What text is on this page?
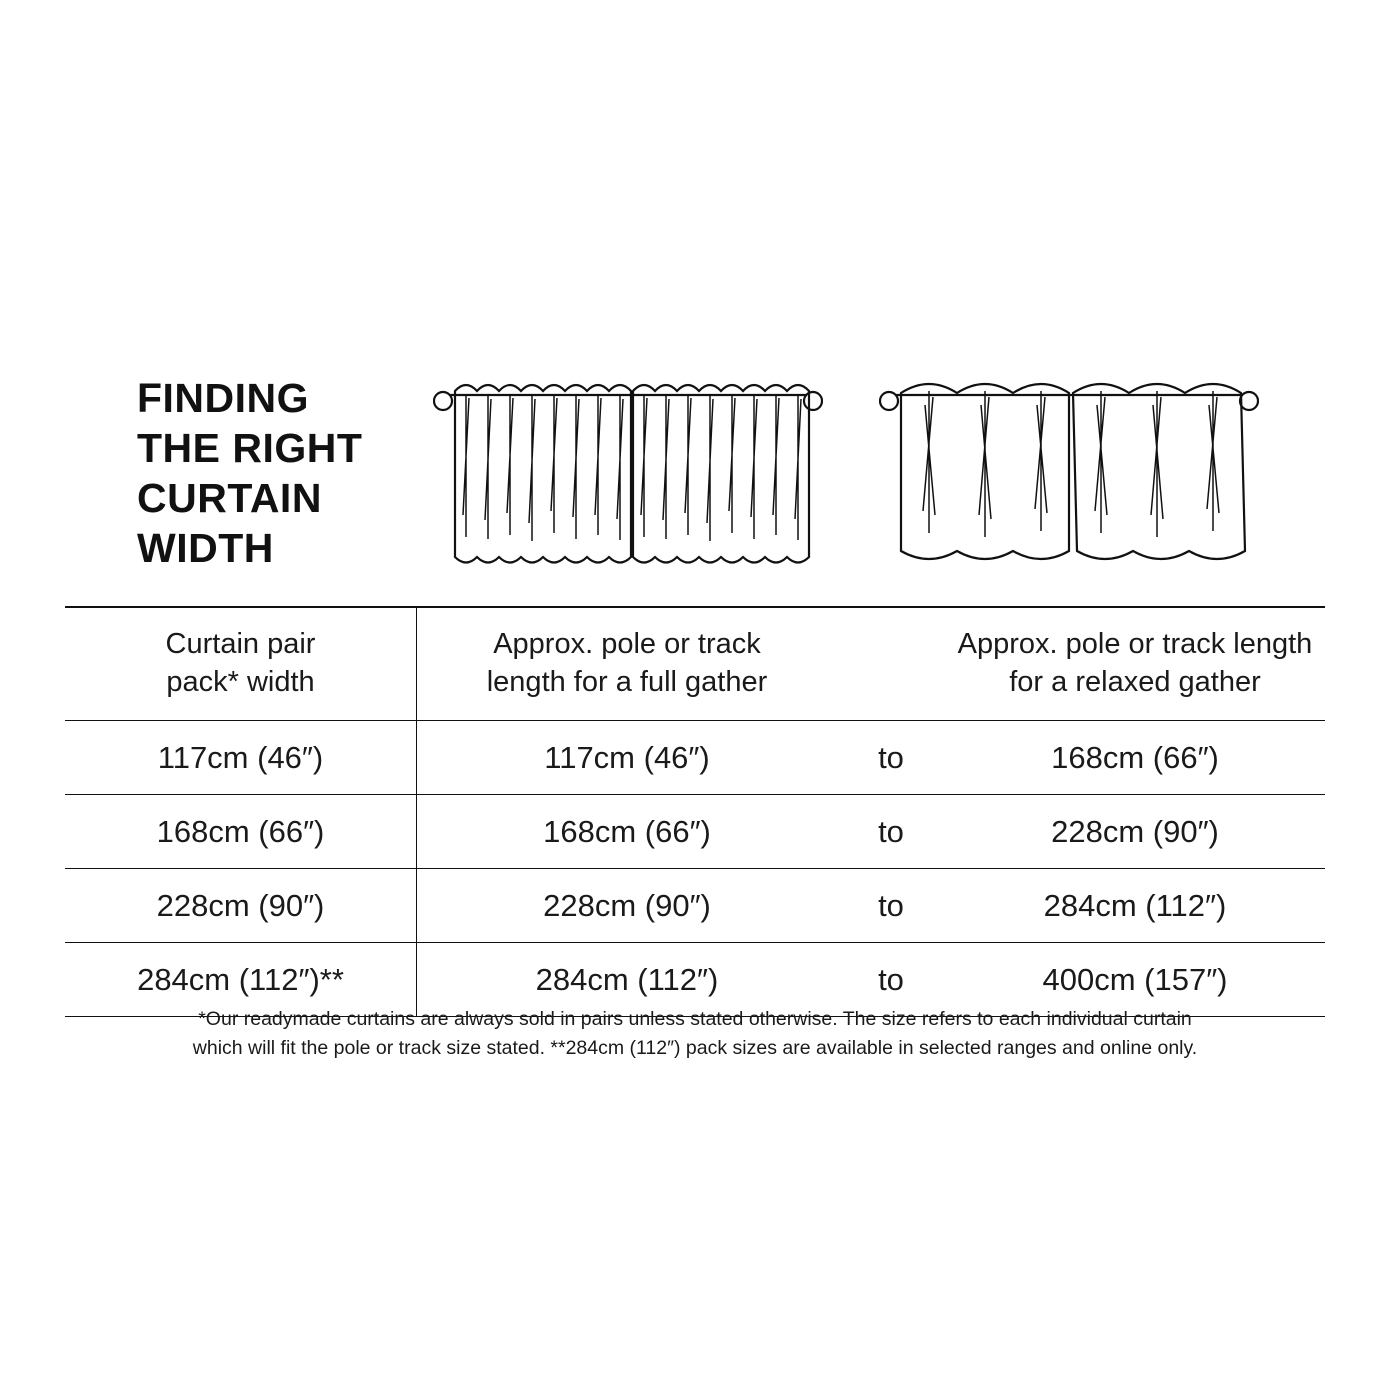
FINDING
THE RIGHT
CURTAIN
WIDTH
Curtain pair
pack* width
Approx. pole or track
length for a full gather
Approx. pole or track length
for a relaxed gather
117cm (46″)	117cm (46″)	to	168cm (66″)
168cm (66″)	168cm (66″)	to	228cm (90″)
228cm (90″)	228cm (90″)	to	284cm (112″)
284cm (112″)**	284cm (112″)	to	400cm (157″)
*Our readymade curtains are always sold in pairs unless stated otherwise. The size refers to each individual curtain
which will fit the pole or track size stated. **284cm (112″) pack sizes are available in selected ranges and online only.
